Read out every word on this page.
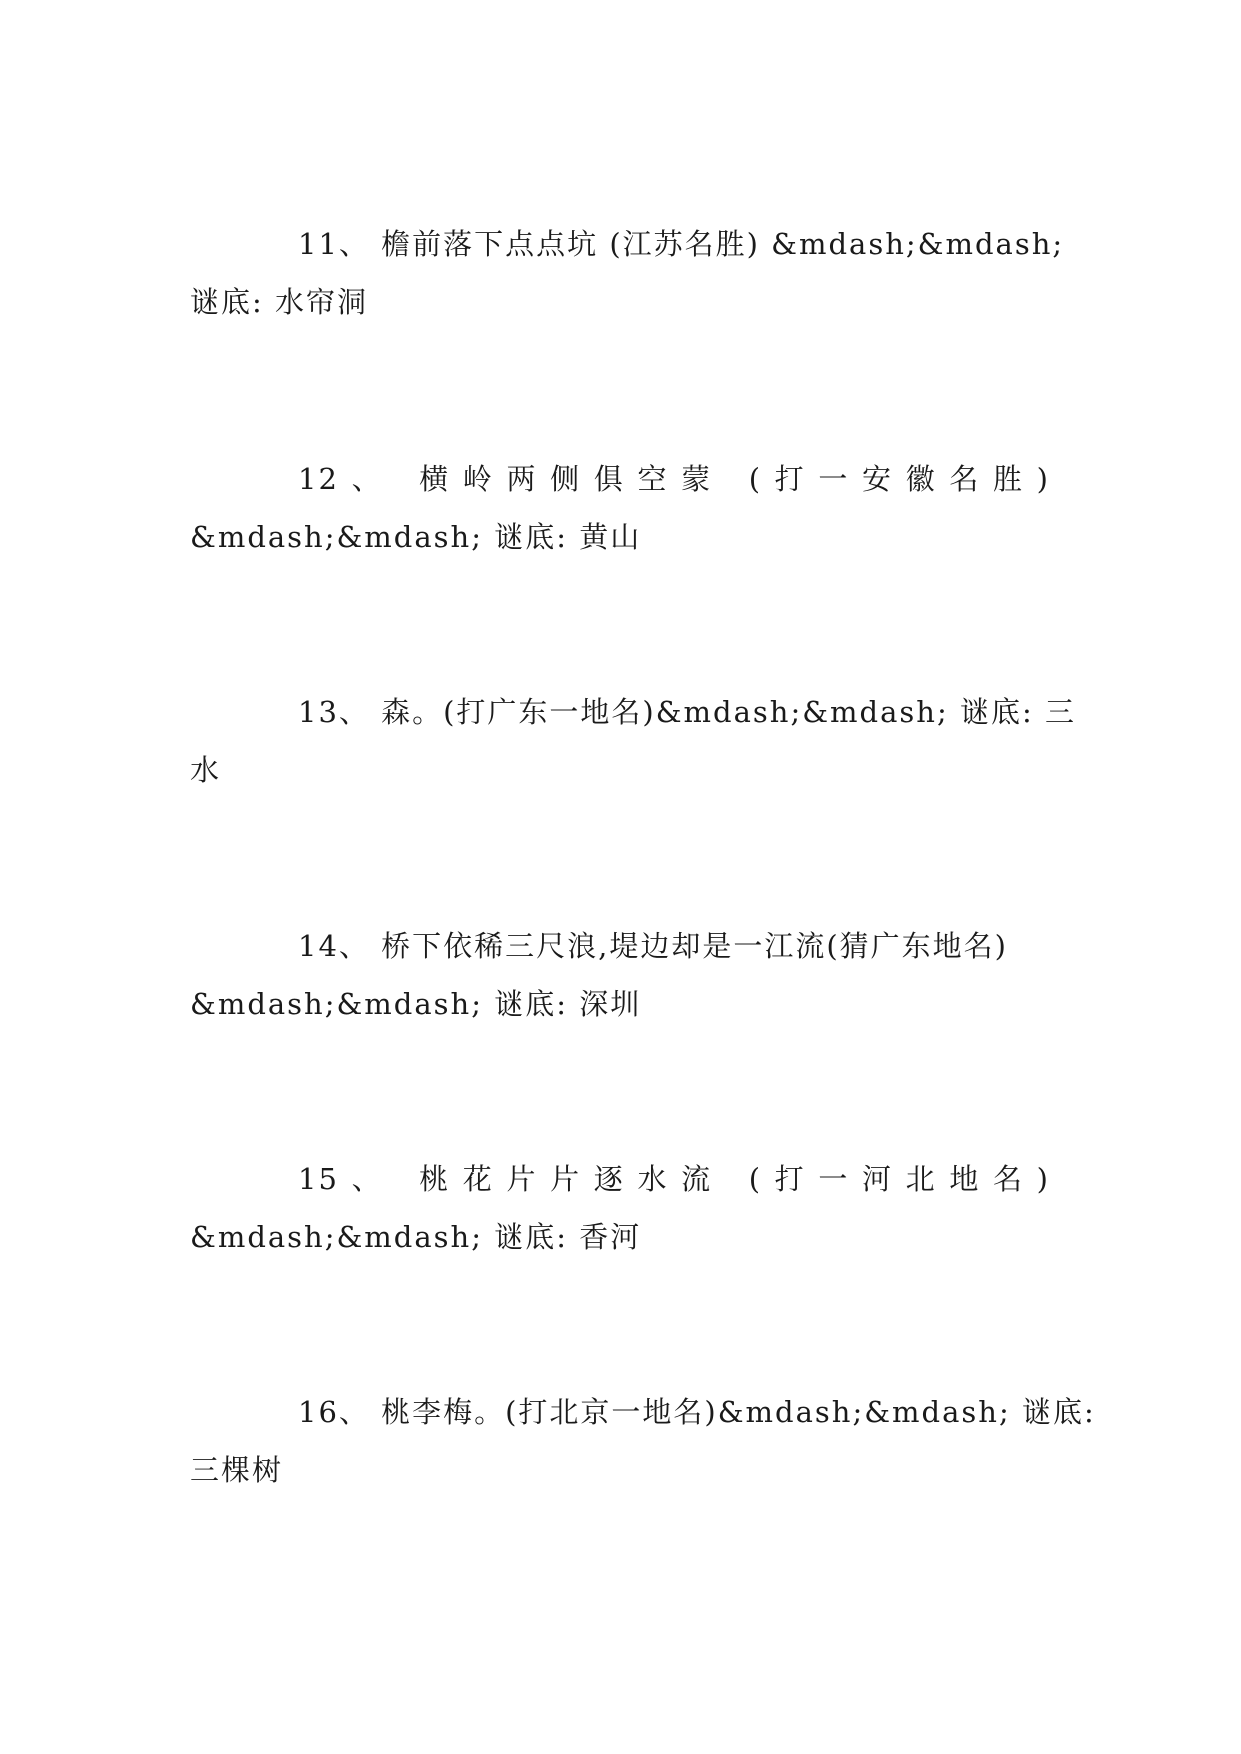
11、 檐前落下点点坑 (江苏名胜) &mdash;&mdash;
谜底: 水帘洞

12、 横岭两侧俱空蒙 (打一安徽名胜)
&mdash;&mdash; 谜底: 黄山

13、 森。(打广东一地名)&mdash;&mdash; 谜底: 三
水

14、 桥下依稀三尺浪,堤边却是一江流(猜广东地名)
&mdash;&mdash; 谜底: 深圳

15、 桃花片片逐水流 (打一河北地名)
&mdash;&mdash; 谜底: 香河

16、 桃李梅。(打北京一地名)&mdash;&mdash; 谜底:
三棵树
